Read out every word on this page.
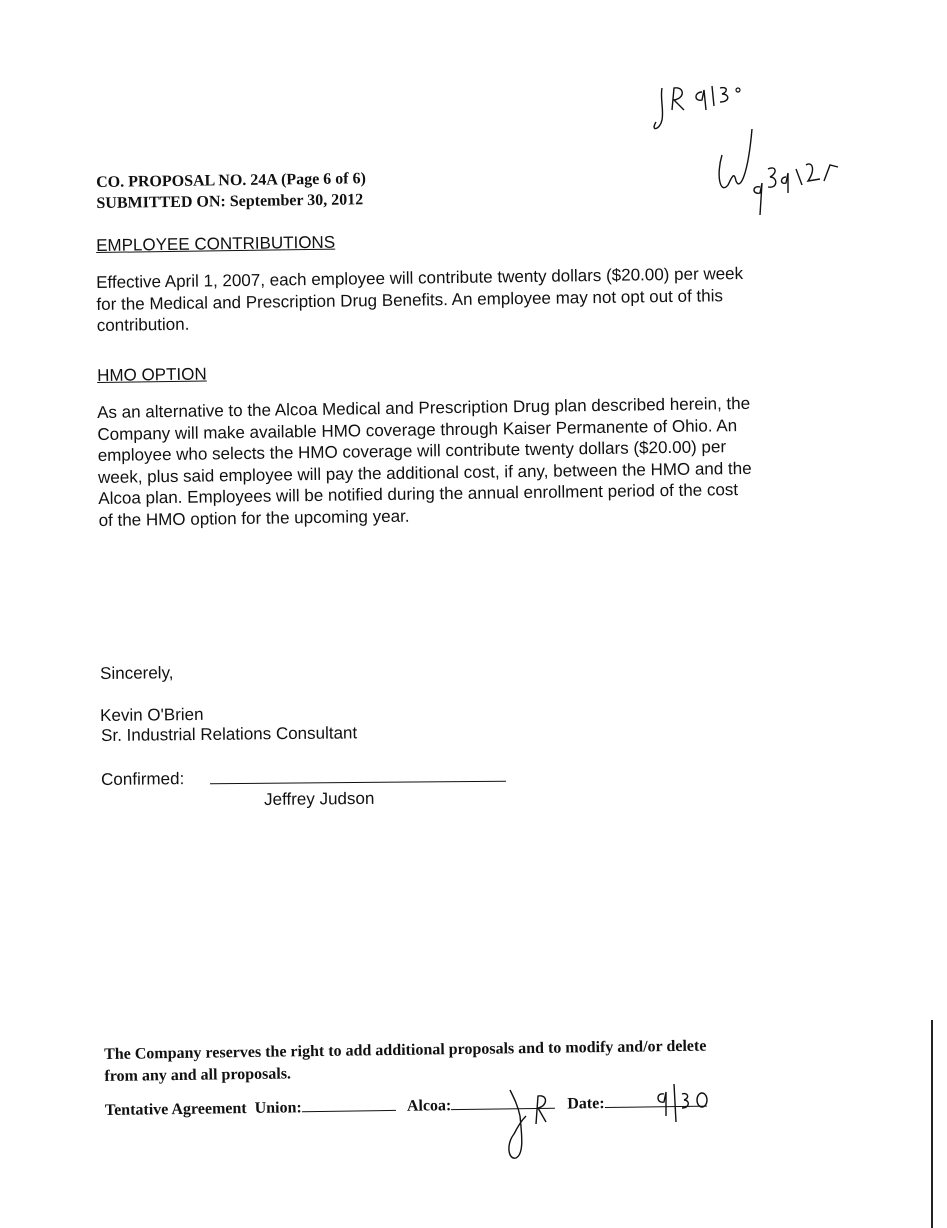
CO. PROPOSAL NO. 24A (Page 6 of 6)
SUBMITTED ON: September 30, 2012
EMPLOYEE CONTRIBUTIONS
Effective April 1, 2007, each employee will contribute twenty dollars ($20.00) per week
for the Medical and Prescription Drug Benefits. An employee may not opt out of this
contribution.
HMO OPTION
As an alternative to the Alcoa Medical and Prescription Drug plan described herein, the
Company will make available HMO coverage through Kaiser Permanente of Ohio. An
employee who selects the HMO coverage will contribute twenty dollars ($20.00) per
week, plus said employee will pay the additional cost, if any, between the HMO and the
Alcoa plan. Employees will be notified during the annual enrollment period of the cost
of the HMO option for the upcoming year.
Sincerely,
Kevin O'Brien
Sr. Industrial Relations Consultant
Confirmed:
Jeffrey Judson
The Company reserves the right to add additional proposals and to modify and/or delete
from any and all proposals.
Tentative Agreement Union:	Alcoa:	Date:
